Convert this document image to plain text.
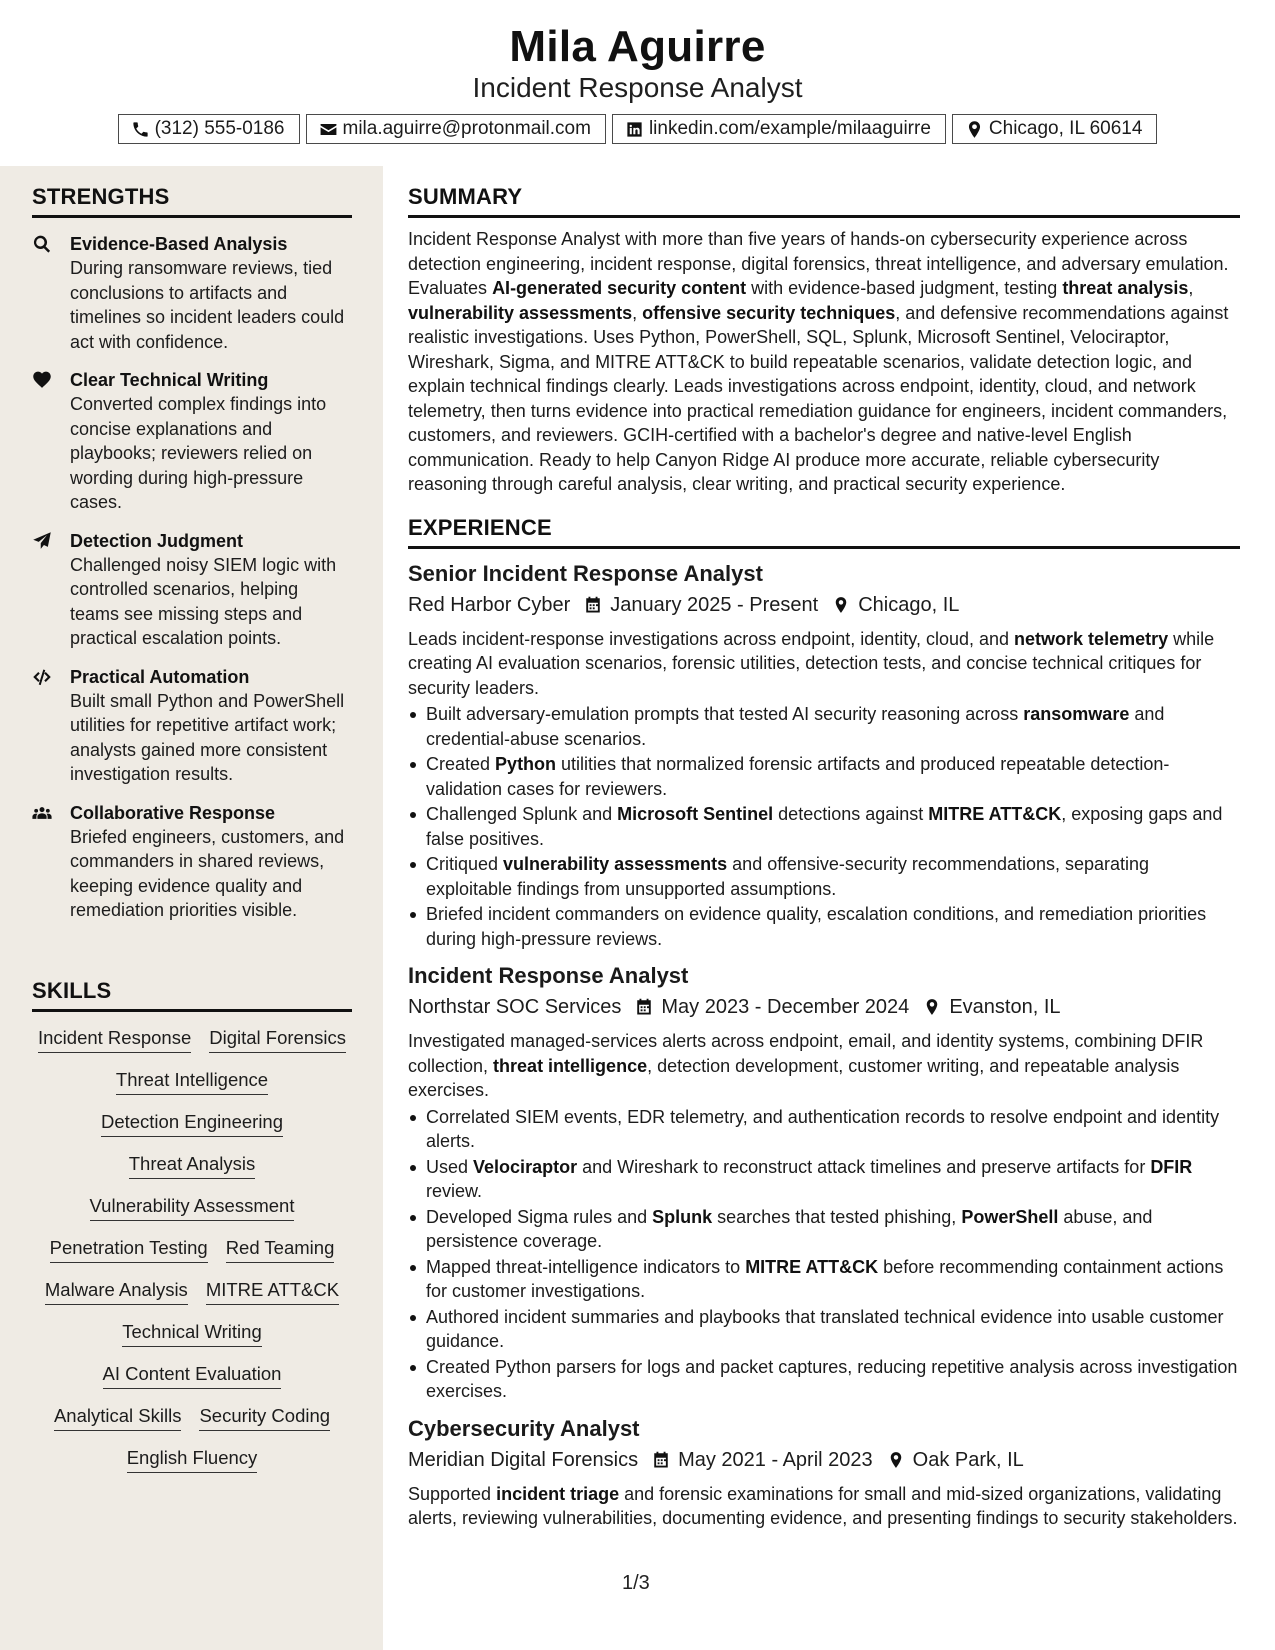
Mila Aguirre
Incident Response Analyst
(312) 555-0186	mila.aguirre@protonmail.com	linkedin.com/example/milaaguirre	Chicago, IL 60614
STRENGTHS
Evidence-Based Analysis
During ransomware reviews, tied conclusions to artifacts and timelines so incident leaders could act with confidence.
Clear Technical Writing
Converted complex findings into concise explanations and playbooks; reviewers relied on wording during high-pressure cases.
Detection Judgment
Challenged noisy SIEM logic with controlled scenarios, helping teams see missing steps and practical escalation points.
Practical Automation
Built small Python and PowerShell utilities for repetitive artifact work; analysts gained more consistent investigation results.
Collaborative Response
Briefed engineers, customers, and commanders in shared reviews, keeping evidence quality and remediation priorities visible.
SKILLS
Incident Response Digital Forensics
Threat Intelligence
Detection Engineering
Threat Analysis
Vulnerability Assessment
Penetration Testing Red Teaming
Malware Analysis MITRE ATT&CK
Technical Writing
AI Content Evaluation
Analytical Skills Security Coding
English Fluency
SUMMARY
Incident Response Analyst with more than five years of hands-on cybersecurity experience across detection engineering, incident response, digital forensics, threat intelligence, and adversary emulation. Evaluates AI-generated security content with evidence-based judgment, testing threat analysis, vulnerability assessments, offensive security techniques, and defensive recommendations against realistic investigations. Uses Python, PowerShell, SQL, Splunk, Microsoft Sentinel, Velociraptor, Wireshark, Sigma, and MITRE ATT&CK to build repeatable scenarios, validate detection logic, and explain technical findings clearly. Leads investigations across endpoint, identity, cloud, and network telemetry, then turns evidence into practical remediation guidance for engineers, incident commanders, customers, and reviewers. GCIH-certified with a bachelor's degree and native-level English communication. Ready to help Canyon Ridge AI produce more accurate, reliable cybersecurity reasoning through careful analysis, clear writing, and practical security experience.
EXPERIENCE
Senior Incident Response Analyst
Red Harbor Cyber January 2025 - Present Chicago, IL
Leads incident-response investigations across endpoint, identity, cloud, and network telemetry while creating AI evaluation scenarios, forensic utilities, detection tests, and concise technical critiques for security leaders.
Built adversary-emulation prompts that tested AI security reasoning across ransomware and credential-abuse scenarios.
Created Python utilities that normalized forensic artifacts and produced repeatable detection-validation cases for reviewers.
Challenged Splunk and Microsoft Sentinel detections against MITRE ATT&CK, exposing gaps and false positives.
Critiqued vulnerability assessments and offensive-security recommendations, separating exploitable findings from unsupported assumptions.
Briefed incident commanders on evidence quality, escalation conditions, and remediation priorities during high-pressure reviews.
Incident Response Analyst
Northstar SOC Services May 2023 - December 2024 Evanston, IL
Investigated managed-services alerts across endpoint, email, and identity systems, combining DFIR collection, threat intelligence, detection development, customer writing, and repeatable analysis exercises.
Correlated SIEM events, EDR telemetry, and authentication records to resolve endpoint and identity alerts.
Used Velociraptor and Wireshark to reconstruct attack timelines and preserve artifacts for DFIR review.
Developed Sigma rules and Splunk searches that tested phishing, PowerShell abuse, and persistence coverage.
Mapped threat-intelligence indicators to MITRE ATT&CK before recommending containment actions for customer investigations.
Authored incident summaries and playbooks that translated technical evidence into usable customer guidance.
Created Python parsers for logs and packet captures, reducing repetitive analysis across investigation exercises.
Cybersecurity Analyst
Meridian Digital Forensics May 2021 - April 2023 Oak Park, IL
Supported incident triage and forensic examinations for small and mid-sized organizations, validating alerts, reviewing vulnerabilities, documenting evidence, and presenting findings to security stakeholders.
1/3
